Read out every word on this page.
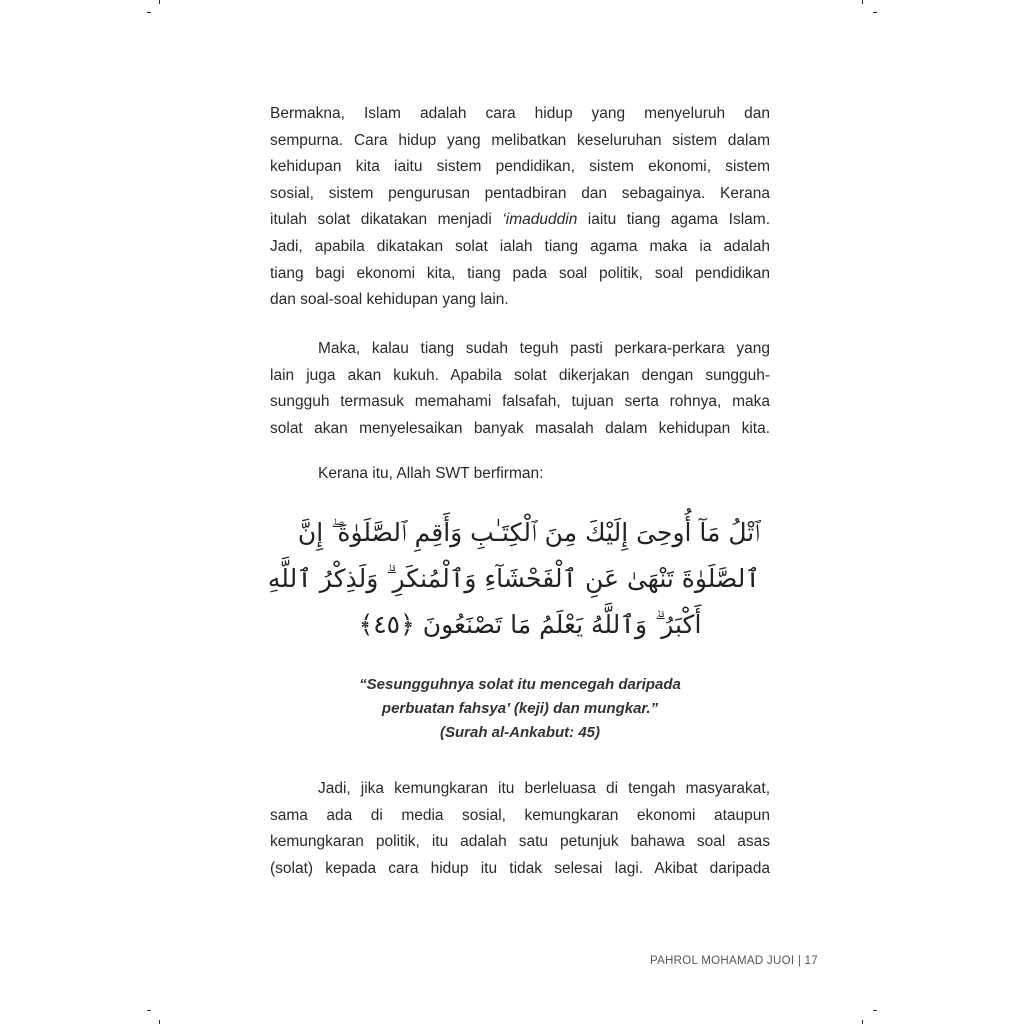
Bermakna, Islam adalah cara hidup yang menyeluruh dan
sempurna. Cara hidup yang melibatkan keseluruhan sistem dalam
kehidupan kita iaitu sistem pendidikan, sistem ekonomi, sistem
sosial, sistem pengurusan pentadbiran dan sebagainya. Kerana
itulah solat dikatakan menjadi ‘imaduddin iaitu tiang agama Islam.
Jadi, apabila dikatakan solat ialah tiang agama maka ia adalah
tiang bagi ekonomi kita, tiang pada soal politik, soal pendidikan
dan soal-soal kehidupan yang lain.
Maka, kalau tiang sudah teguh pasti perkara-perkara yang
lain juga akan kukuh. Apabila solat dikerjakan dengan sungguh-
sungguh termasuk memahami falsafah, tujuan serta rohnya, maka
solat akan menyelesaikan banyak masalah dalam kehidupan kita.
Kerana itu, Allah SWT berfirman:
ٱتْلُ مَآ أُوحِىَ إِلَيْكَ مِنَ ٱلْكِتَـٰبِ وَأَقِمِ ٱلصَّلَوٰةَ ۖ إِنَّ
ٱلصَّلَوٰةَ تَنْهَىٰ عَنِ ٱلْفَحْشَآءِ وَٱلْمُنكَرِ ۗ وَلَذِكْرُ ٱللَّهِ
أَكْبَرُ ۗ وَٱللَّهُ يَعْلَمُ مَا تَصْنَعُونَ ﴿٤٥﴾
“Sesungguhnya solat itu mencegah daripada
perbuatan fahsya’ (keji) dan mungkar.”
(Surah al-Ankabut: 45)
Jadi, jika kemungkaran itu berleluasa di tengah masyarakat,
sama ada di media sosial, kemungkaran ekonomi ataupun
kemungkaran politik, itu adalah satu petunjuk bahawa soal asas
(solat) kepada cara hidup itu tidak selesai lagi. Akibat daripada
PAHROL MOHAMAD JUOI | 17
